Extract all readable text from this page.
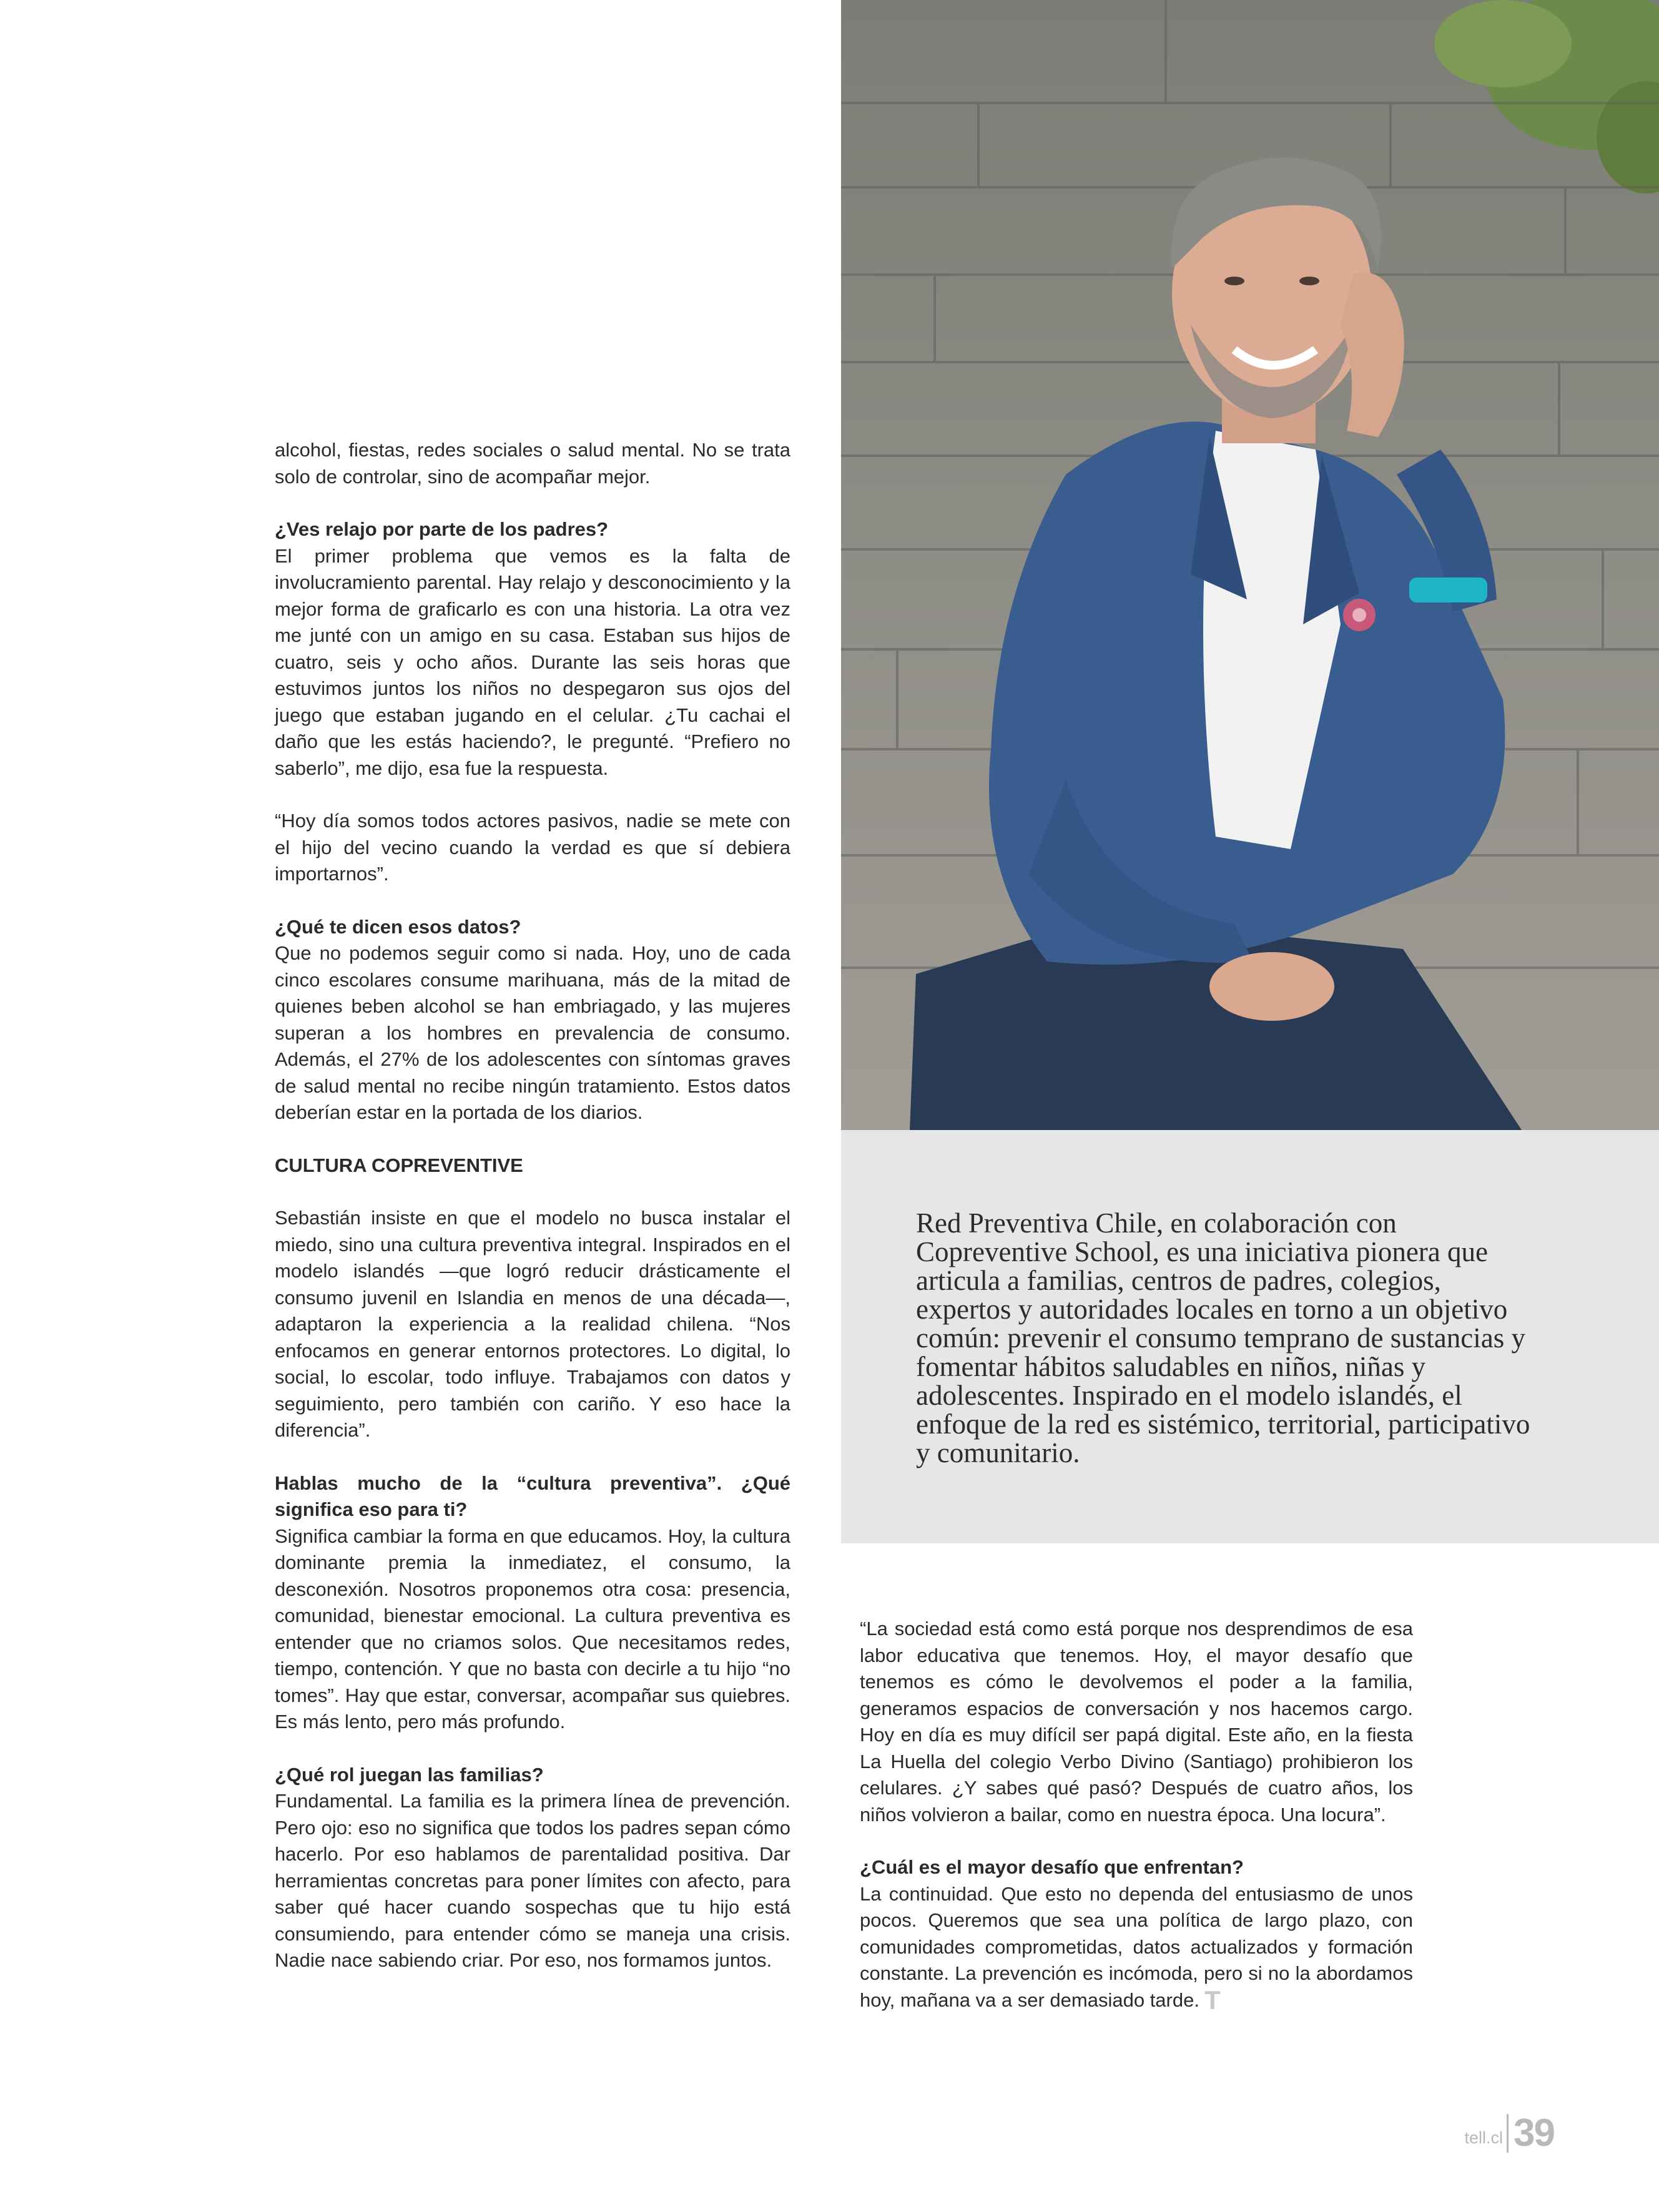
alcohol, fiestas, redes sociales o salud mental. No se trata solo de controlar, sino de acompañar mejor.

¿Ves relajo por parte de los padres?

El primer problema que vemos es la falta de involucramiento parental. Hay relajo y desconocimiento y la mejor forma de graficarlo es con una historia. La otra vez me junté con un amigo en su casa. Estaban sus hijos de cuatro, seis y ocho años. Durante las seis horas que estuvimos juntos los niños no despegaron sus ojos del juego que estaban jugando en el celular. ¿Tu cachai el daño que les estás haciendo?, le pregunté. “Prefiero no saberlo”, me dijo, esa fue la respuesta.

“Hoy día somos todos actores pasivos, nadie se mete con el hijo del vecino cuando la verdad es que sí debiera importarnos”.

¿Qué te dicen esos datos?

Que no podemos seguir como si nada. Hoy, uno de cada cinco escolares consume marihuana, más de la mitad de quienes beben alcohol se han embriagado, y las mujeres superan a los hombres en prevalencia de consumo. Además, el 27% de los adolescentes con síntomas graves de salud mental no recibe ningún tratamiento. Estos datos deberían estar en la portada de los diarios.

CULTURA COPREVENTIVE

Sebastián insiste en que el modelo no busca instalar el miedo, sino una cultura preventiva integral. Inspirados en el modelo islandés —que logró reducir drásticamente el consumo juvenil en Islandia en menos de una década—, adaptaron la experiencia a la realidad chilena. “Nos enfocamos en generar entornos protectores. Lo digital, lo social, lo escolar, todo influye. Trabajamos con datos y seguimiento, pero también con cariño. Y eso hace la diferencia”.

Hablas mucho de la “cultura preventiva”. ¿Qué significa eso para ti?

Significa cambiar la forma en que educamos. Hoy, la cultura dominante premia la inmediatez, el consumo, la desconexión. Nosotros proponemos otra cosa: presencia, comunidad, bienestar emocional. La cultura preventiva es entender que no criamos solos. Que necesitamos redes, tiempo, contención. Y que no basta con decirle a tu hijo “no tomes”. Hay que estar, conversar, acompañar sus quiebres. Es más lento, pero más profundo.

¿Qué rol juegan las familias?

Fundamental. La familia es la primera línea de prevención. Pero ojo: eso no significa que todos los padres sepan cómo hacerlo. Por eso hablamos de parentalidad positiva. Dar herramientas concretas para poner límites con afecto, para saber qué hacer cuando sospechas que tu hijo está consumiendo, para entender cómo se maneja una crisis. Nadie nace sabiendo criar. Por eso, nos formamos juntos.

Red Preventiva Chile, en colaboración con Copreventive School, es una iniciativa pionera que articula a familias, centros de padres, colegios, expertos y autoridades locales en torno a un objetivo común: prevenir el consumo temprano de sustancias y fomentar hábitos saludables en niños, niñas y adolescentes. Inspirado en el modelo islandés, el enfoque de la red es sistémico, territorial, participativo y comunitario.

“La sociedad está como está porque nos desprendimos de esa labor educativa que tenemos. Hoy, el mayor desafío que tenemos es cómo le devolvemos el poder a la familia, generamos espacios de conversación y nos hacemos cargo. Hoy en día es muy difícil ser papá digital. Este año, en la fiesta La Huella del colegio Verbo Divino (Santiago) prohibieron los celulares. ¿Y sabes qué pasó? Después de cuatro años, los niños volvieron a bailar, como en nuestra época. Una locura”.

¿Cuál es el mayor desafío que enfrentan?

La continuidad. Que esto no dependa del entusiasmo de unos pocos. Queremos que sea una política de largo plazo, con comunidades comprometidas, datos actualizados y formación constante. La prevención es incómoda, pero si no la abordamos hoy, mañana va a ser demasiado tarde. T

tell.cl 39
